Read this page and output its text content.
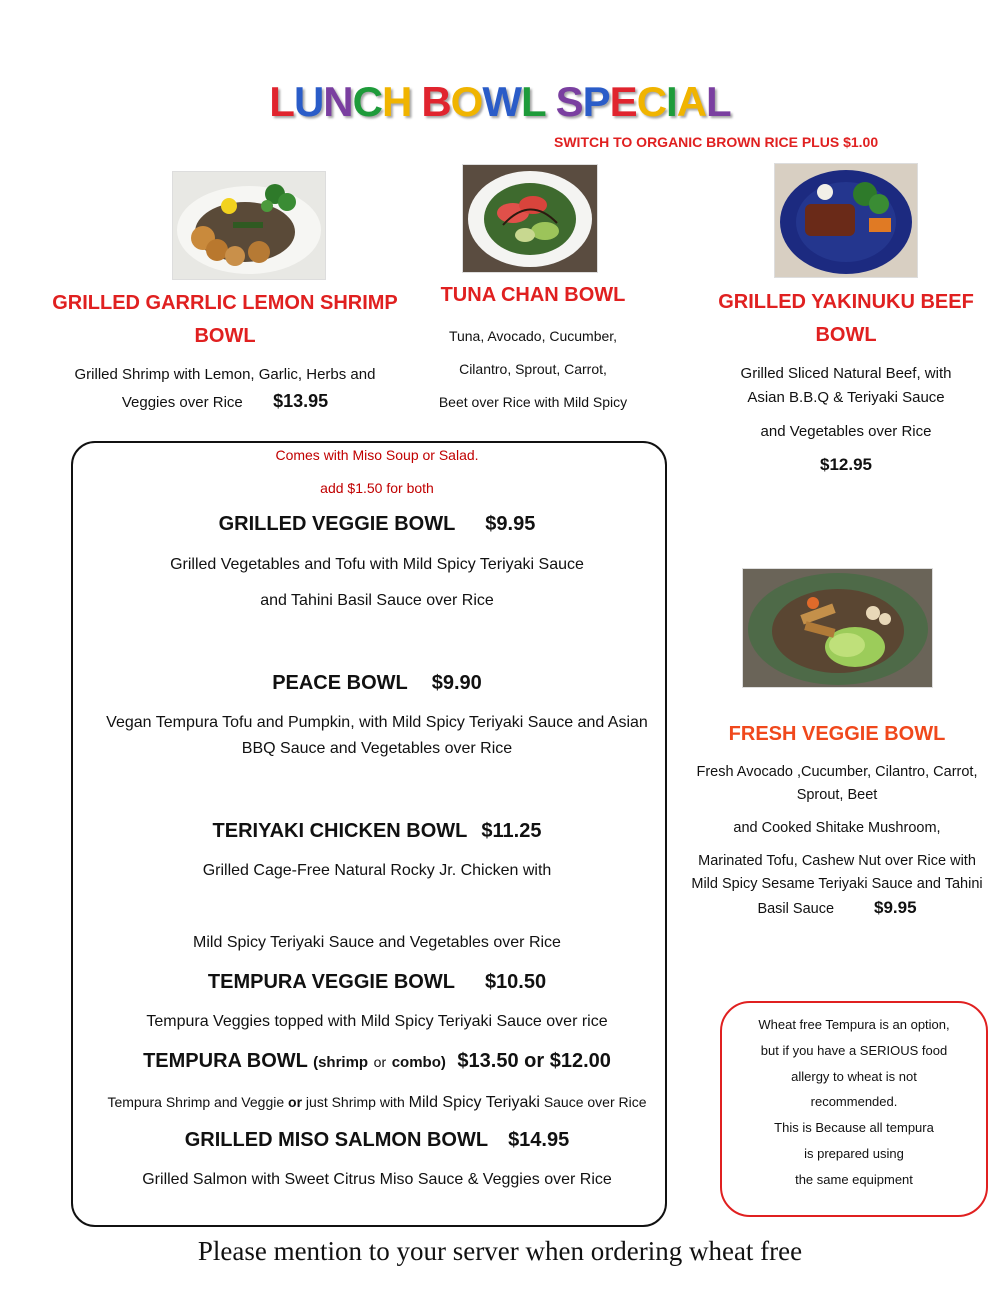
LUNCH BOWL SPECIAL
SWITCH TO ORGANIC BROWN RICE PLUS $1.00
GRILLED GARRLIC LEMON SHRIMP
BOWL
Grilled Shrimp with Lemon, Garlic, Herbs and
Veggies over Rice $13.95
TUNA CHAN BOWL
Tuna, Avocado, Cucumber,
Cilantro, Sprout, Carrot,
Beet over Rice with Mild Spicy
GRILLED YAKINUKU BEEF
BOWL
Grilled Sliced Natural Beef, with
Asian B.B.Q & Teriyaki Sauce
and Vegetables over Rice
$12.95
Comes with Miso Soup or Salad.
add $1.50 for both
GRILLED VEGGIE BOWL $9.95
Grilled Vegetables and Tofu with Mild Spicy Teriyaki Sauce
and Tahini Basil Sauce over Rice
PEACE BOWL $9.90
Vegan Tempura Tofu and Pumpkin, with Mild Spicy Teriyaki Sauce and Asian
BBQ Sauce and Vegetables over Rice
TERIYAKI CHICKEN BOWL $11.25
Grilled Cage-Free Natural Rocky Jr. Chicken with
Mild Spicy Teriyaki Sauce and Vegetables over Rice
TEMPURA VEGGIE BOWL $10.50
Tempura Veggies topped with Mild Spicy Teriyaki Sauce over rice
TEMPURA BOWL (shrimp or combo) $13.50 or $12.00
Tempura Shrimp and Veggie or just Shrimp with Mild Spicy Teriyaki Sauce over Rice
GRILLED MISO SALMON BOWL $14.95
Grilled Salmon with Sweet Citrus Miso Sauce & Veggies over Rice
FRESH VEGGIE BOWL
Fresh Avocado ,Cucumber, Cilantro, Carrot,
Sprout, Beet
and Cooked Shitake Mushroom,
Marinated Tofu, Cashew Nut over Rice with
Mild Spicy Sesame Teriyaki Sauce and Tahini
Basil Sauce $9.95
Wheat free Tempura is an option,
but if you have a SERIOUS food
allergy to wheat is not
recommended.
This is Because all tempura
is prepared using
the same equipment
Please mention to your server when ordering wheat free
